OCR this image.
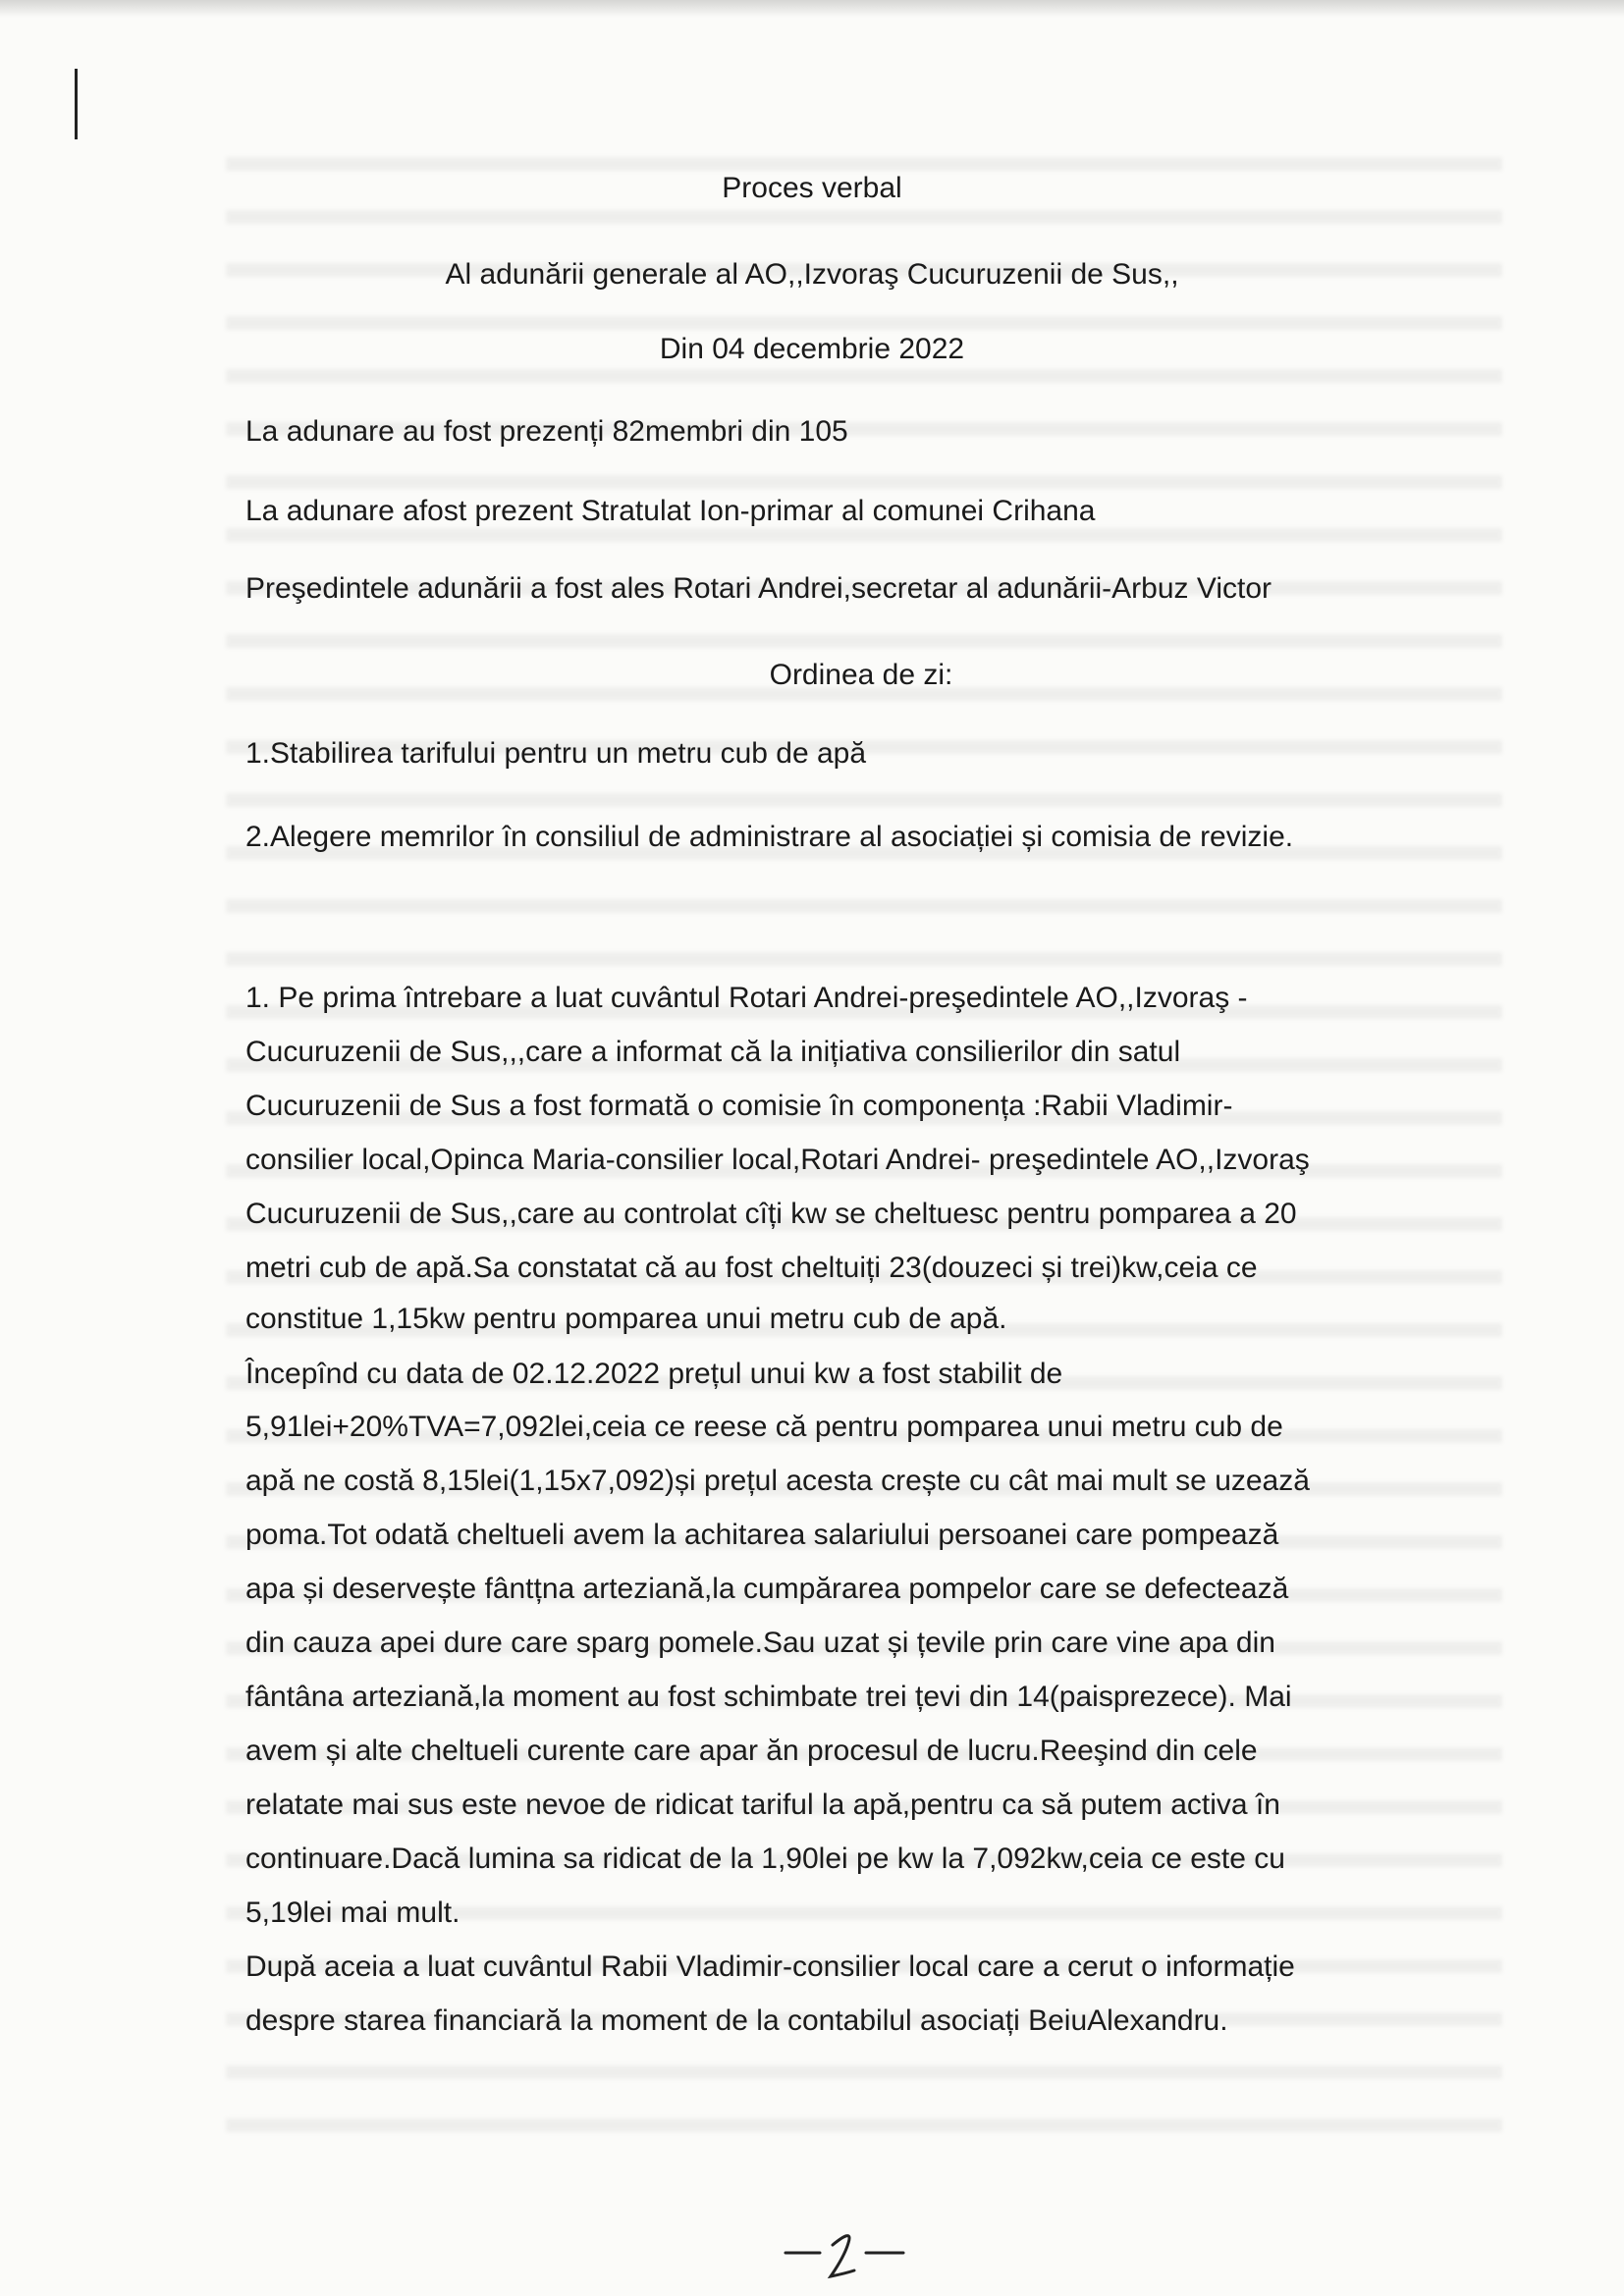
Proces verbal
Al adunării generale al AO,,Izvoraş Cucuruzenii de Sus,,
Din 04 decembrie 2022
La adunare au fost prezenți 82membri din 105
La adunare afost prezent Stratulat Ion-primar al comunei Crihana
Preşedintele adunării a fost ales Rotari Andrei,secretar al adunării-Arbuz Victor
Ordinea de zi:
1.Stabilirea tarifului pentru un metru cub de apă
2.Alegere memrilor în consiliul de administrare al asociației și comisia de revizie.
1. Pe prima întrebare a luat cuvântul Rotari Andrei-preşedintele AO,,Izvoraş -
Cucuruzenii de Sus,,,care a informat că la inițiativa consilierilor din satul
Cucuruzenii de Sus a fost formată o comisie în componența :Rabii Vladimir-
consilier local,Opinca Maria-consilier local,Rotari Andrei- preşedintele AO,,Izvoraş
Cucuruzenii de Sus,,care au controlat cîți kw se cheltuesc pentru pomparea a 20
metri cub de apă.Sa constatat că au fost cheltuiți 23(douzeci și trei)kw,ceia ce
constitue 1,15kw pentru pomparea unui metru cub de apă.
Începînd cu data de 02.12.2022 prețul unui kw a fost stabilit de
5,91lei+20%TVA=7,092lei,ceia ce reese că pentru pomparea unui metru cub de
apă ne costă 8,15lei(1,15x7,092)și prețul acesta crește cu cât mai mult se uzează
poma.Tot odată cheltueli avem la achitarea salariului persoanei care pompează
apa și deservește fântțna arteziană,la cumpărarea pompelor care se defectează
din cauza apei dure care sparg pomele.Sau uzat și țevile prin care vine apa din
fântâna arteziană,la moment au fost schimbate trei țevi din 14(paisprezece). Mai
avem și alte cheltueli curente care apar ăn procesul de lucru.Reeşind din cele
relatate mai sus este nevoe de ridicat tariful la apă,pentru ca să putem activa în
continuare.Dacă lumina sa ridicat de la 1,90lei pe kw la 7,092kw,ceia ce este cu
5,19lei mai mult.
După aceia a luat cuvântul Rabii Vladimir-consilier local care a cerut o informație
despre starea financiară la moment de la contabilul asociați BeiuAlexandru.
